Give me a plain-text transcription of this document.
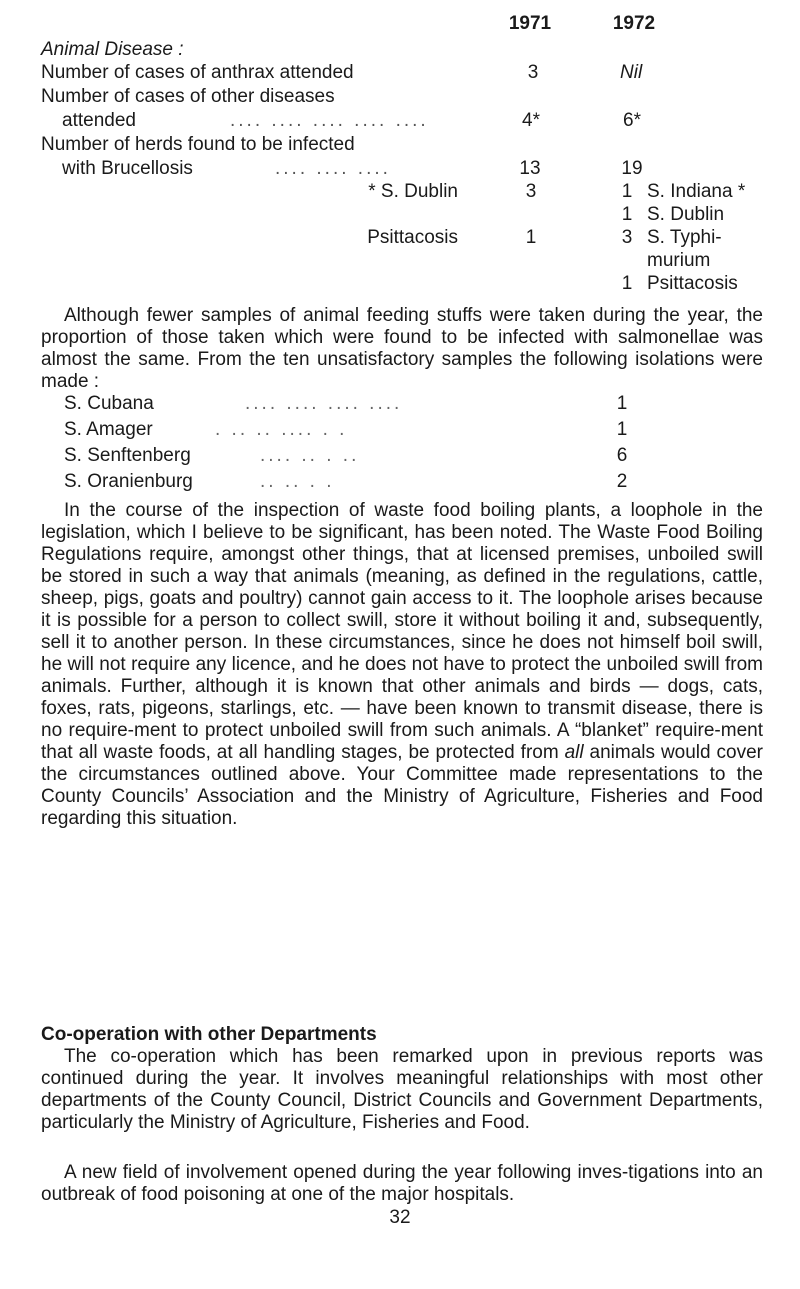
1971	1972
Animal Disease :
Number of cases of anthrax attended	3	Nil
Number of cases of other diseases
attended	.... .... .... .... ....	4*	6*
Number of herds found to be infected
with Brucellosis	.... .... ....	13	19
* S. Dublin	3	1 S. Indiana *
1 S. Dublin
Psittacosis	1	3 S. Typhi-
murium
1 Psittacosis

Although fewer samples of animal feeding stuffs were taken during the year, the proportion of those taken which were found to be infected with salmonellae was almost the same. From the ten unsatisfactory samples the following isolations were made :

S. Cubana	.... .... .... ....	1
S. Amager	. .. .. .... . .	1
S. Senftenberg	.... .. . ..	6
S. Oranienburg	.. .. . .	2

In the course of the inspection of waste food boiling plants, a loophole in the legislation, which I believe to be significant, has been noted. The Waste Food Boiling Regulations require, amongst other things, that at licensed premises, unboiled swill be stored in such a way that animals (meaning, as defined in the regulations, cattle, sheep, pigs, goats and poultry) cannot gain access to it. The loophole arises because it is possible for a person to collect swill, store it without boiling it and, subsequently, sell it to another person. In these circumstances, since he does not himself boil swill, he will not require any licence, and he does not have to protect the unboiled swill from animals. Further, although it is known that other animals and birds — dogs, cats, foxes, rats, pigeons, starlings, etc. — have been known to transmit disease, there is no require-ment to protect unboiled swill from such animals. A “blanket” require-ment that all waste foods, at all handling stages, be protected from all animals would cover the circumstances outlined above. Your Committee made representations to the County Councils’ Association and the Ministry of Agriculture, Fisheries and Food regarding this situation.

Co-operation with other Departments

The co-operation which has been remarked upon in previous reports was continued during the year. It involves meaningful relationships with most other departments of the County Council, District Councils and Government Departments, particularly the Ministry of Agriculture, Fisheries and Food.

A new field of involvement opened during the year following inves-tigations into an outbreak of food poisoning at one of the major hospitals.

32
